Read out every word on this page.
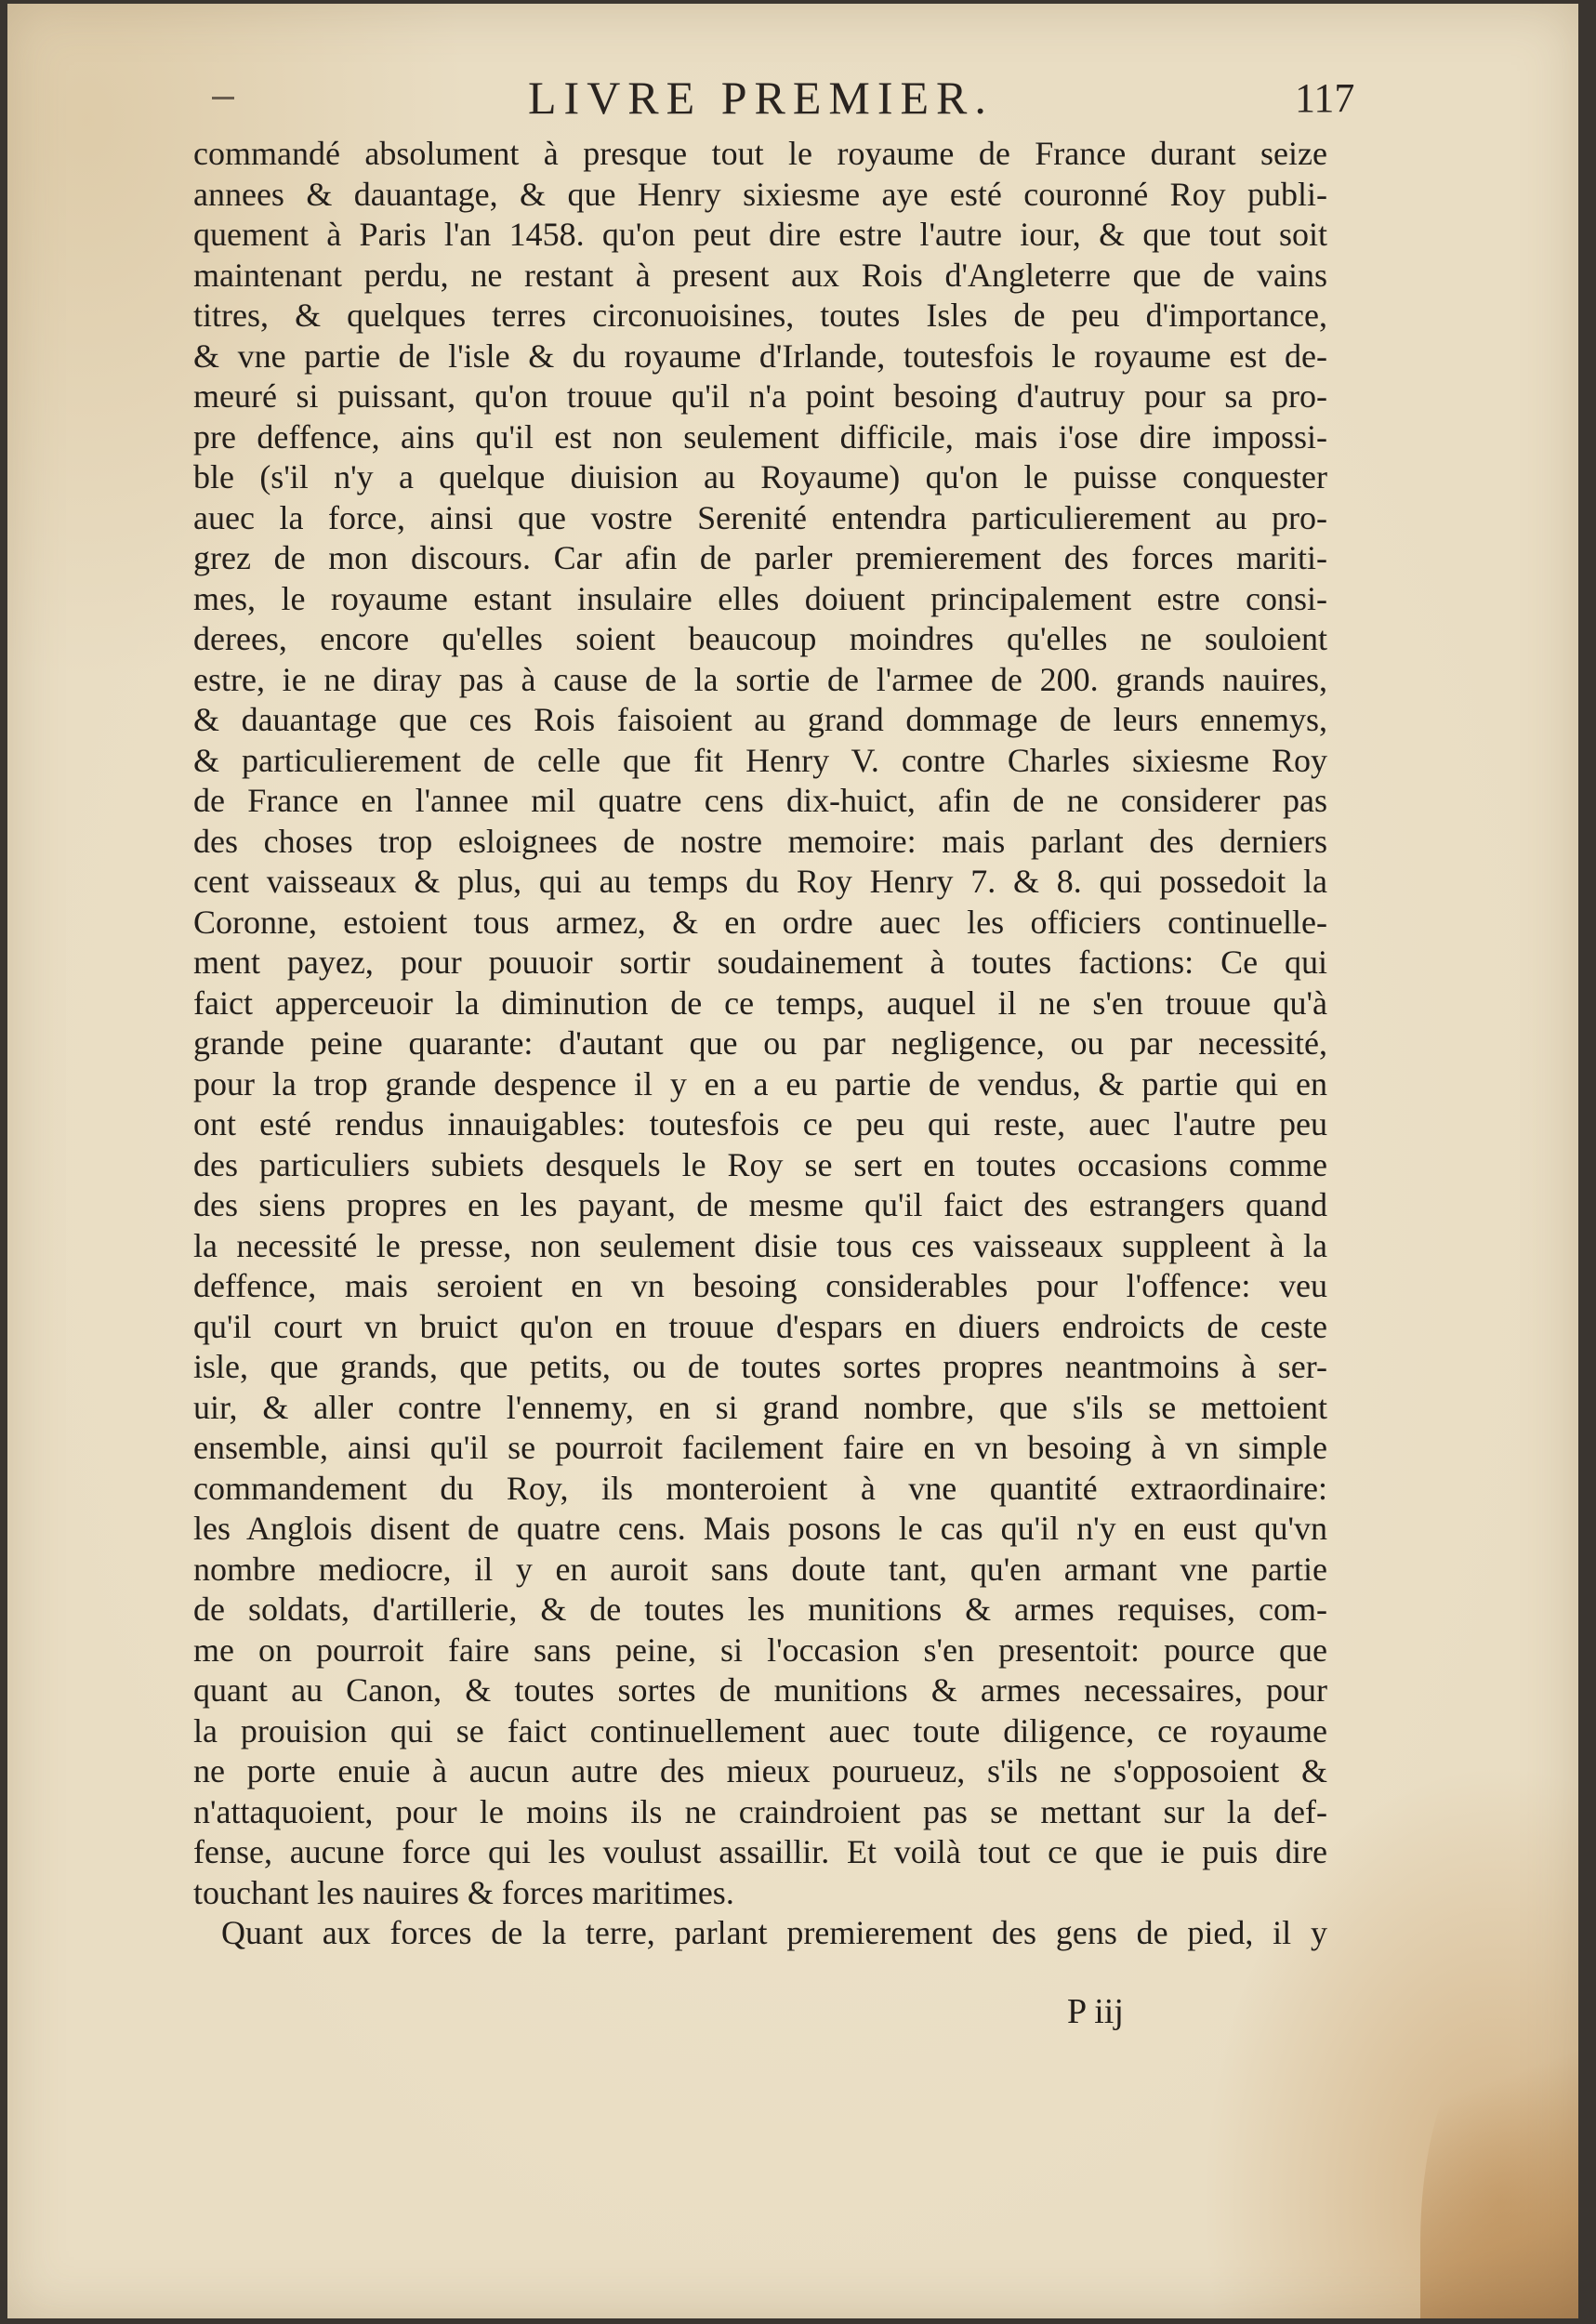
LIVRE PREMIER.	117
commandé absolument à presque tout le royaume de France durant seize
annees & dauantage, & que Henry sixiesme aye esté couronné Roy publi-
quement à Paris l'an 1458. qu'on peut dire estre l'autre iour, & que tout soit
maintenant perdu, ne restant à present aux Rois d'Angleterre que de vains
titres, & quelques terres circonuoisines, toutes Isles de peu d'importance,
& vne partie de l'isle & du royaume d'Irlande, toutesfois le royaume est de-
meuré si puissant, qu'on trouue qu'il n'a point besoing d'autruy pour sa pro-
pre deffence, ains qu'il est non seulement difficile, mais i'ose dire impossi-
ble (s'il n'y a quelque diuision au Royaume) qu'on le puisse conquester
auec la force, ainsi que vostre Serenité entendra particulierement au pro-
grez de mon discours. Car afin de parler premierement des forces mariti-
mes, le royaume estant insulaire elles doiuent principalement estre consi-
derees, encore qu'elles soient beaucoup moindres qu'elles ne souloient
estre, ie ne diray pas à cause de la sortie de l'armee de 200. grands nauires,
& dauantage que ces Rois faisoient au grand dommage de leurs ennemys,
& particulierement de celle que fit Henry V. contre Charles sixiesme Roy
de France en l'annee mil quatre cens dix-huict, afin de ne considerer pas
des choses trop esloignees de nostre memoire: mais parlant des derniers
cent vaisseaux & plus, qui au temps du Roy Henry 7. & 8. qui possedoit la
Coronne, estoient tous armez, & en ordre auec les officiers continuelle-
ment payez, pour pouuoir sortir soudainement à toutes factions: Ce qui
faict apperceuoir la diminution de ce temps, auquel il ne s'en trouue qu'à
grande peine quarante: d'autant que ou par negligence, ou par necessité,
pour la trop grande despence il y en a eu partie de vendus, & partie qui en
ont esté rendus innauigables: toutesfois ce peu qui reste, auec l'autre peu
des particuliers subiets desquels le Roy se sert en toutes occasions comme
des siens propres en les payant, de mesme qu'il faict des estrangers quand
la necessité le presse, non seulement disie tous ces vaisseaux suppleent à la
deffence, mais seroient en vn besoing considerables pour l'offence: veu
qu'il court vn bruict qu'on en trouue d'espars en diuers endroicts de ceste
isle, que grands, que petits, ou de toutes sortes propres neantmoins à ser-
uir, & aller contre l'ennemy, en si grand nombre, que s'ils se mettoient
ensemble, ainsi qu'il se pourroit facilement faire en vn besoing à vn simple
commandement du Roy, ils monteroient à vne quantité extraordinaire:
les Anglois disent de quatre cens. Mais posons le cas qu'il n'y en eust qu'vn
nombre mediocre, il y en auroit sans doute tant, qu'en armant vne partie
de soldats, d'artillerie, & de toutes les munitions & armes requises, com-
me on pourroit faire sans peine, si l'occasion s'en presentoit: pource que
quant au Canon, & toutes sortes de munitions & armes necessaires, pour
la prouision qui se faict continuellement auec toute diligence, ce royaume
ne porte enuie à aucun autre des mieux pourueuz, s'ils ne s'opposoient &
n'attaquoient, pour le moins ils ne craindroient pas se mettant sur la def-
fense, aucune force qui les voulust assaillir. Et voilà tout ce que ie puis dire
touchant les nauires & forces maritimes.
Quant aux forces de la terre, parlant premierement des gens de pied, il y
P iij
